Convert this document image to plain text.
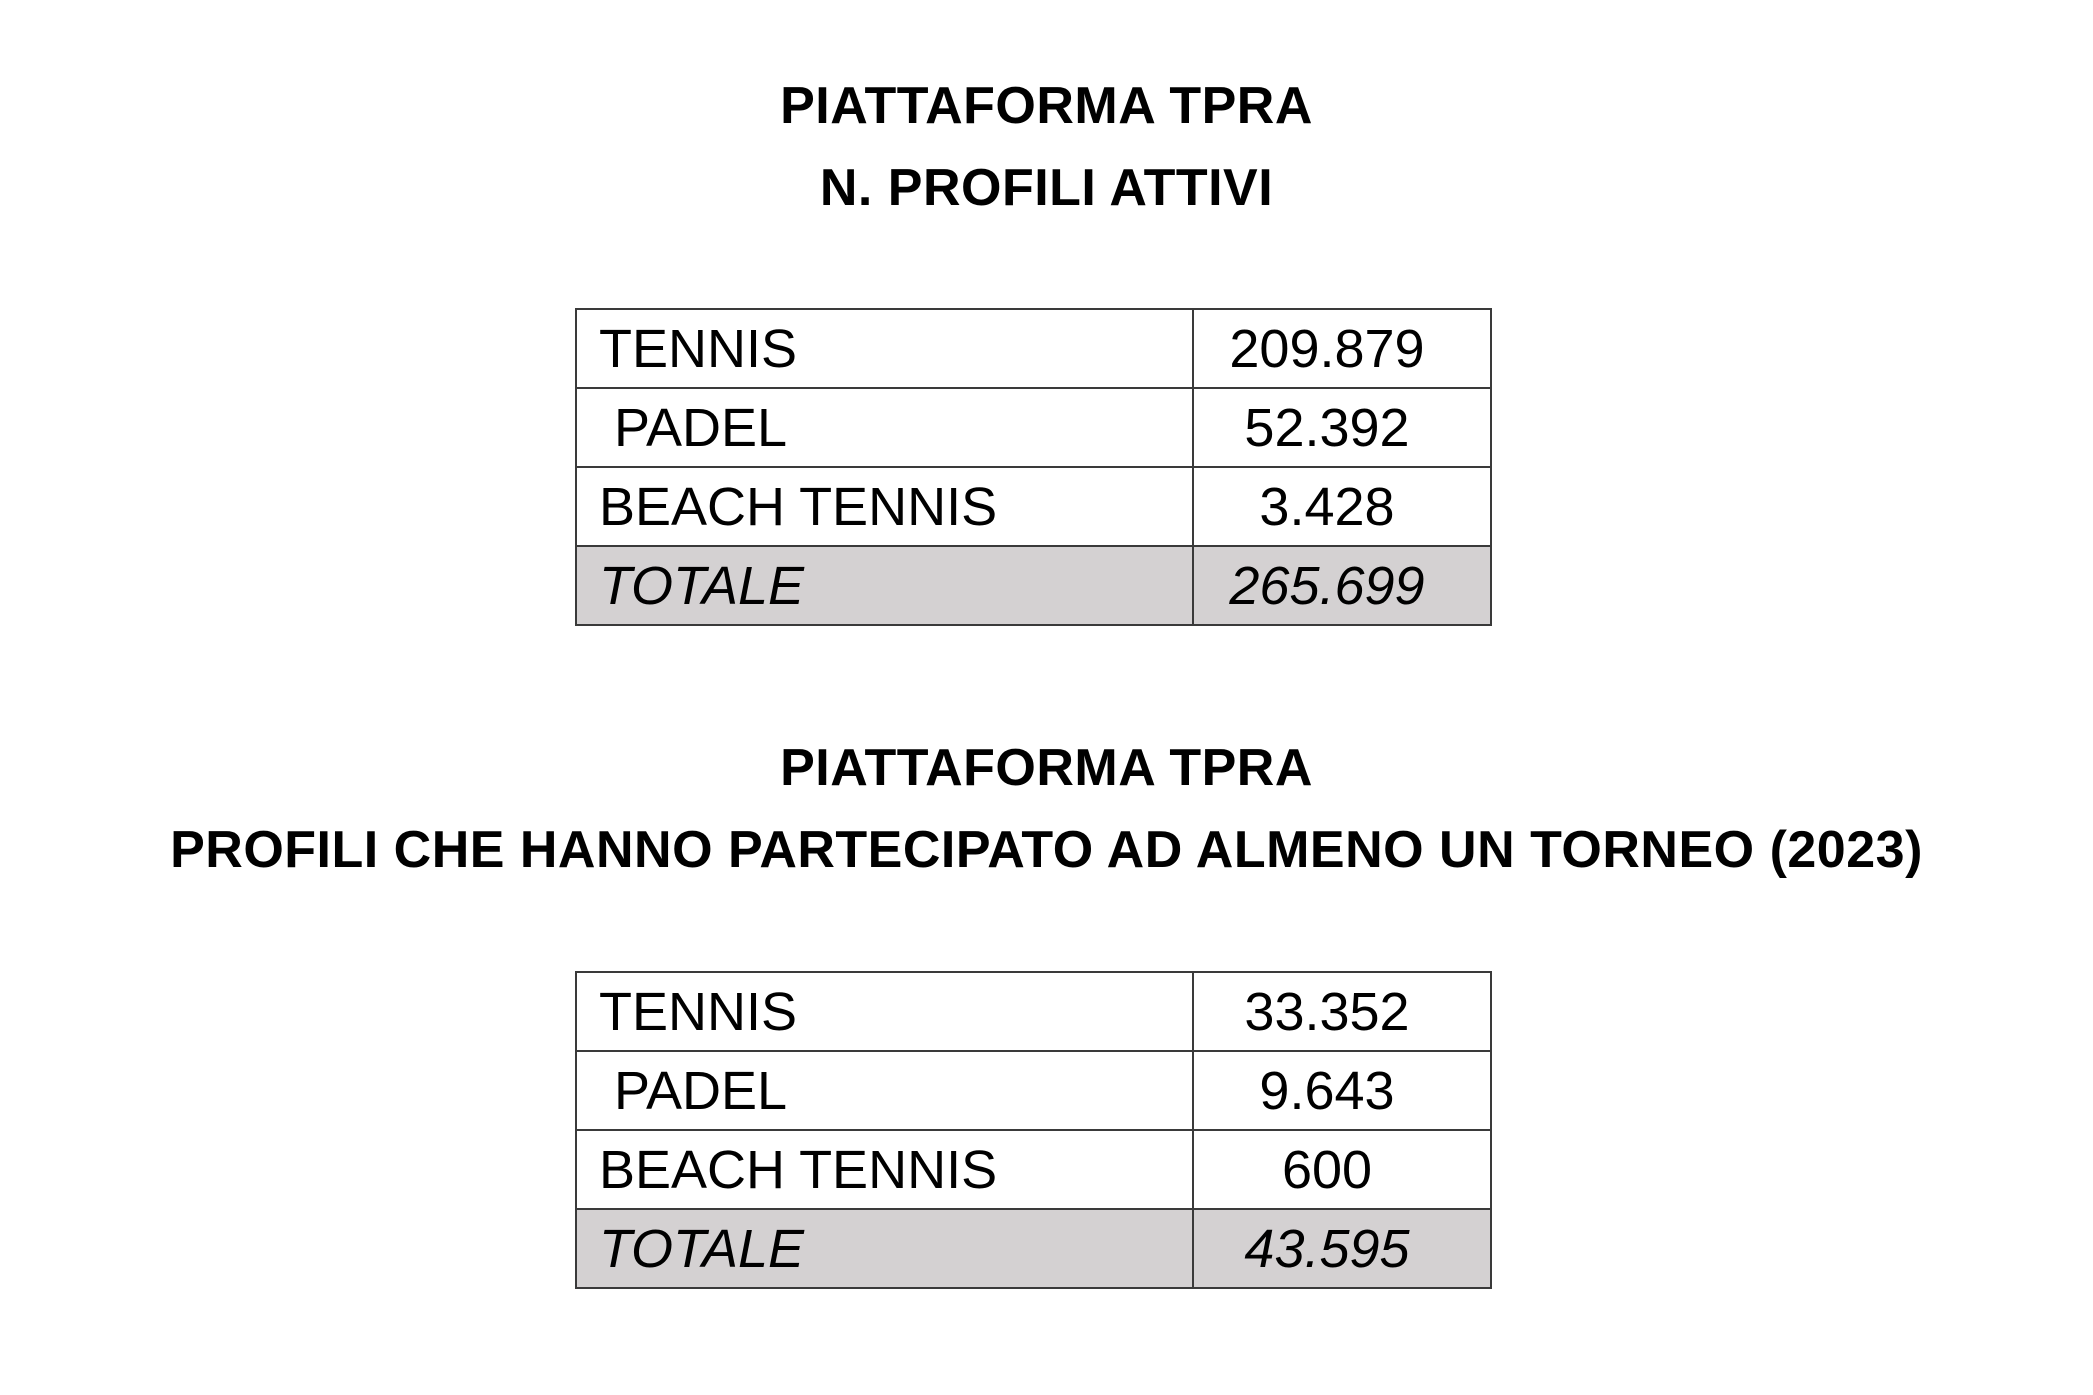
PIATTAFORMA TPRA
N. PROFILI ATTIVI
TENNIS	209.879
PADEL	52.392
BEACH TENNIS	3.428
TOTALE	265.699
PIATTAFORMA TPRA
PROFILI CHE HANNO PARTECIPATO AD ALMENO UN TORNEO (2023)
TENNIS	33.352
PADEL	9.643
BEACH TENNIS	600
TOTALE	43.595
